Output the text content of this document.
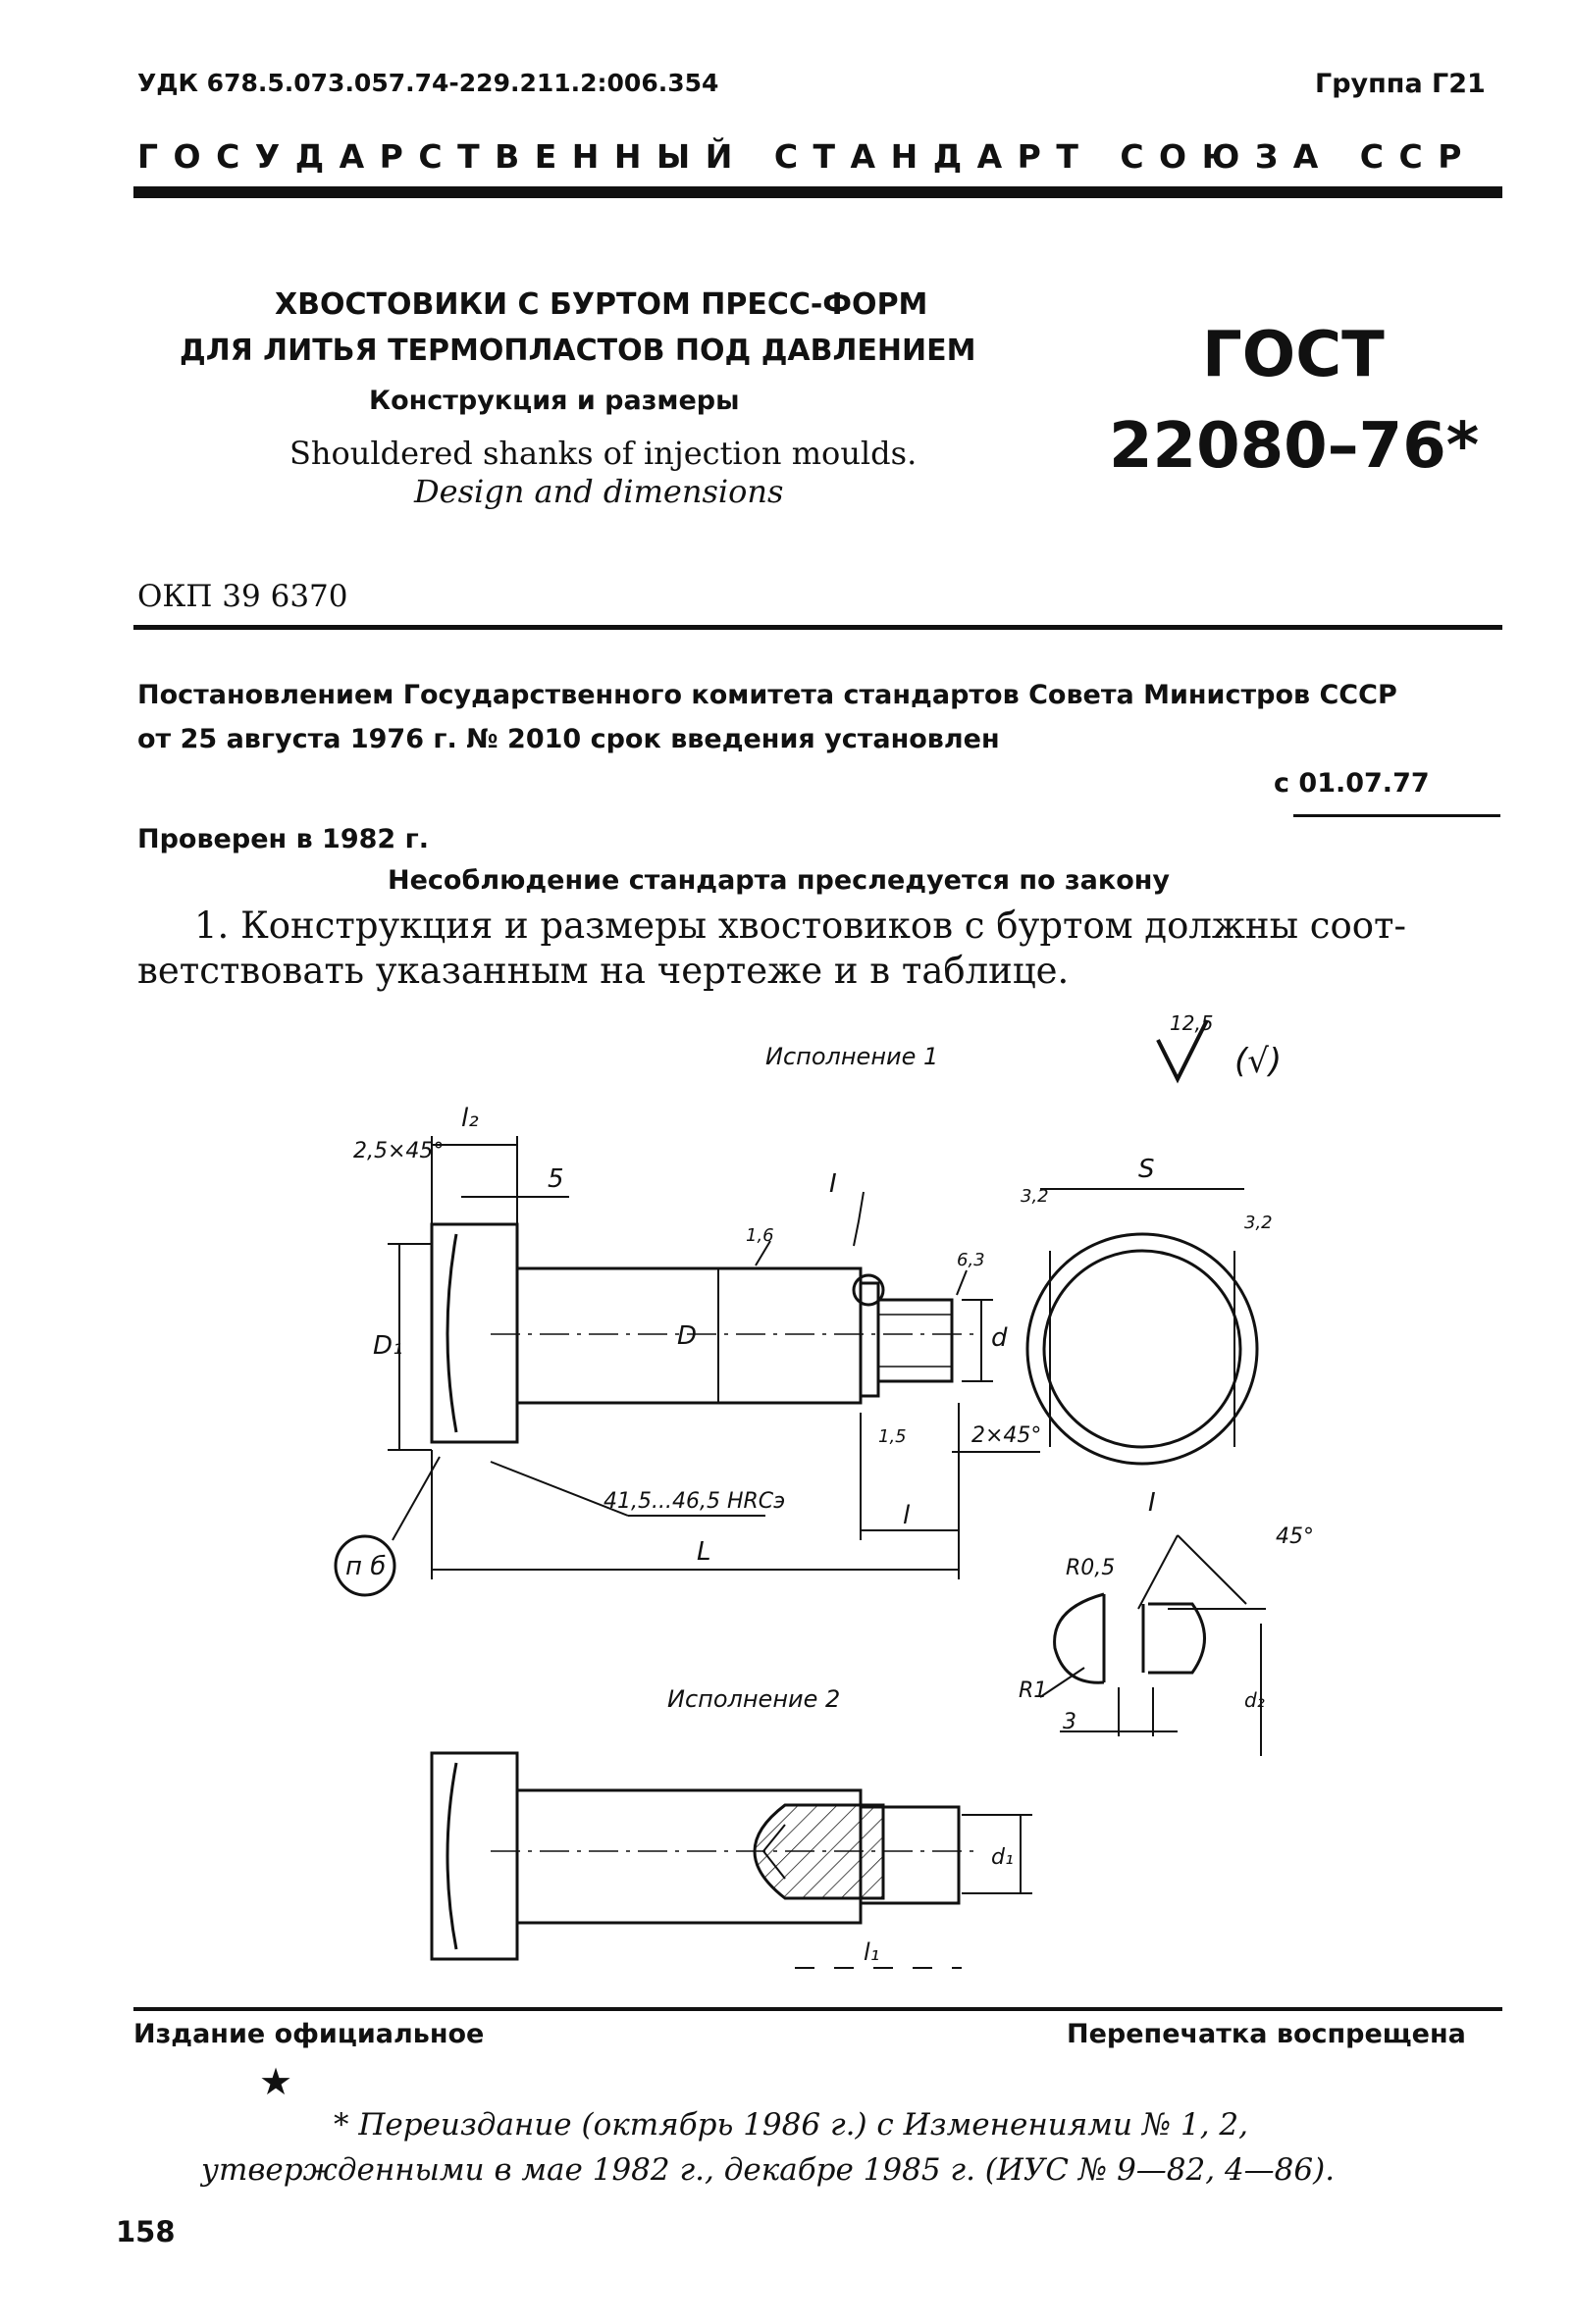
УДК 678.5.073.057.74-229.211.2:006.354	Группа Г21
ГОСУДАРСТВЕННЫЙ СТАНДАРТ СОЮЗА ССР
ХВОСТОВИКИ С БУРТОМ ПРЕСС-ФОРМ
ДЛЯ ЛИТЬЯ ТЕРМОПЛАСТОВ ПОД ДАВЛЕНИЕМ
Конструкция и размеры
Shouldered shanks of injection moulds.
Design and dimensions
ГОСТ
22080–76*
ОКП 39 6370
Постановлением Государственного комитета стандартов Совета Министров СССР
от 25 августа 1976 г. № 2010 срок введения установлен
с 01.07.77
Проверен в 1982 г.
Несоблюдение стандарта преследуется по закону
1. Конструкция и размеры хвостовиков с буртом должны соот-
ветствовать указанным на чертеже и в таблице.
12,5
(√)
Исполнение 1
2,5×45°
l₂
5	I
1,6
6,3
D₁	D	d
1,5	2×45°
41,5...46,5 HRCэ	l
L
п б
S
3,2
3,2
I
R0,5
R1
3
45°
d₂
Исполнение 2
d₁
l₁
Издание официальное	Перепечатка воспрещена
★
* Переиздание (октябрь 1986 г.) с Изменениями № 1, 2,
утвержденными в мае 1982 г., декабре 1985 г. (ИУС № 9—82, 4—86).
158
